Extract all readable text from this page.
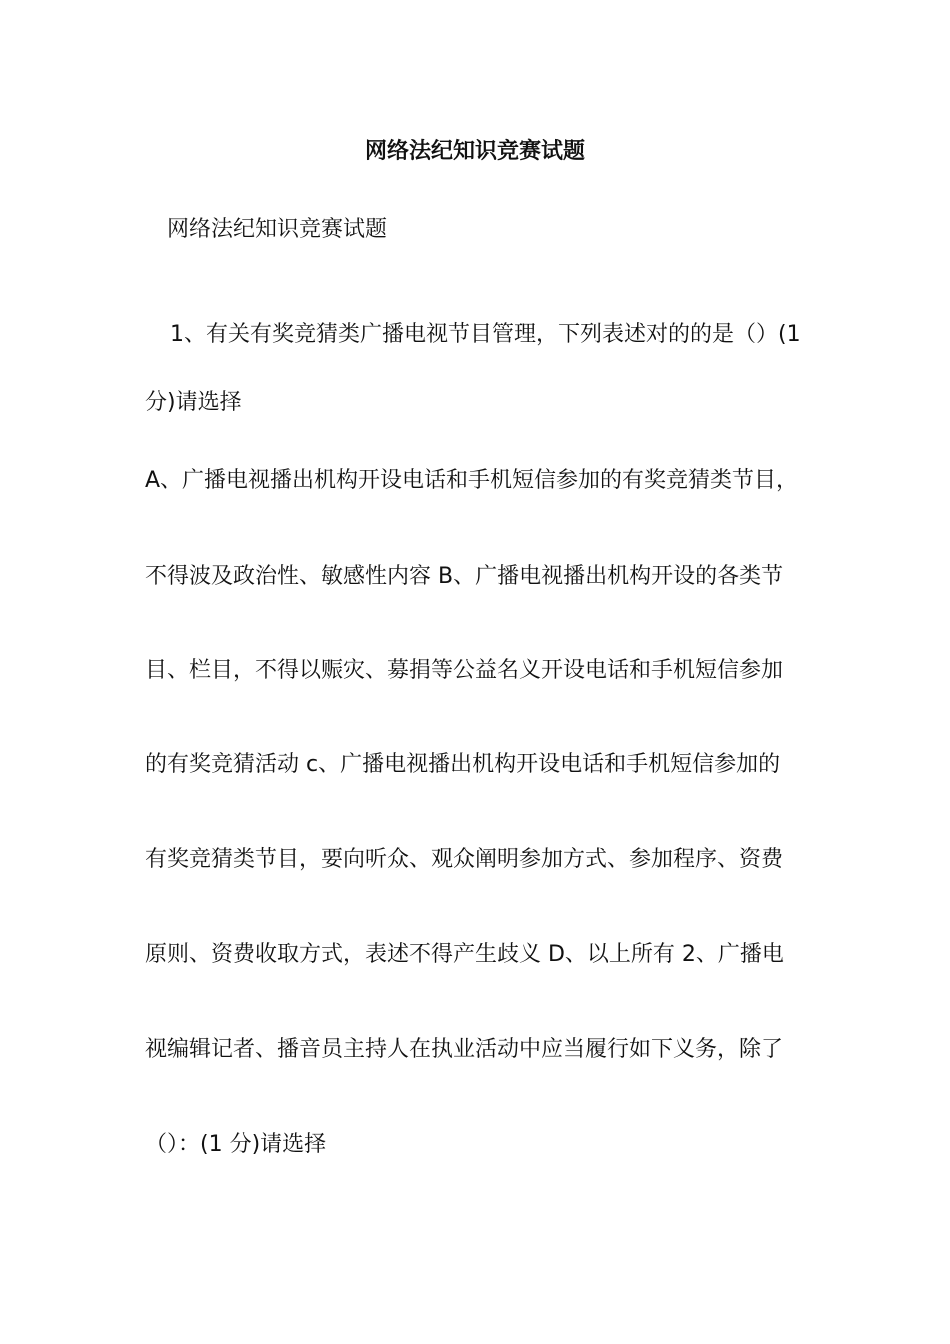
网络法纪知识竞赛试题
网络法纪知识竞赛试题
1、有关有奖竞猜类广播电视节目管理，下列表述对的的是（）(1
分)请选择
A、广播电视播出机构开设电话和手机短信参加的有奖竞猜类节目，
不得波及政治性、敏感性内容 B、广播电视播出机构开设的各类节
目、栏目，不得以赈灾、募捐等公益名义开设电话和手机短信参加
的有奖竞猜活动 c、广播电视播出机构开设电话和手机短信参加的
有奖竞猜类节目，要向听众、观众阐明参加方式、参加程序、资费
原则、资费收取方式，表述不得产生歧义 D、以上所有 2、广播电
视编辑记者、播音员主持人在执业活动中应当履行如下义务，除了
（）：(1 分)请选择
